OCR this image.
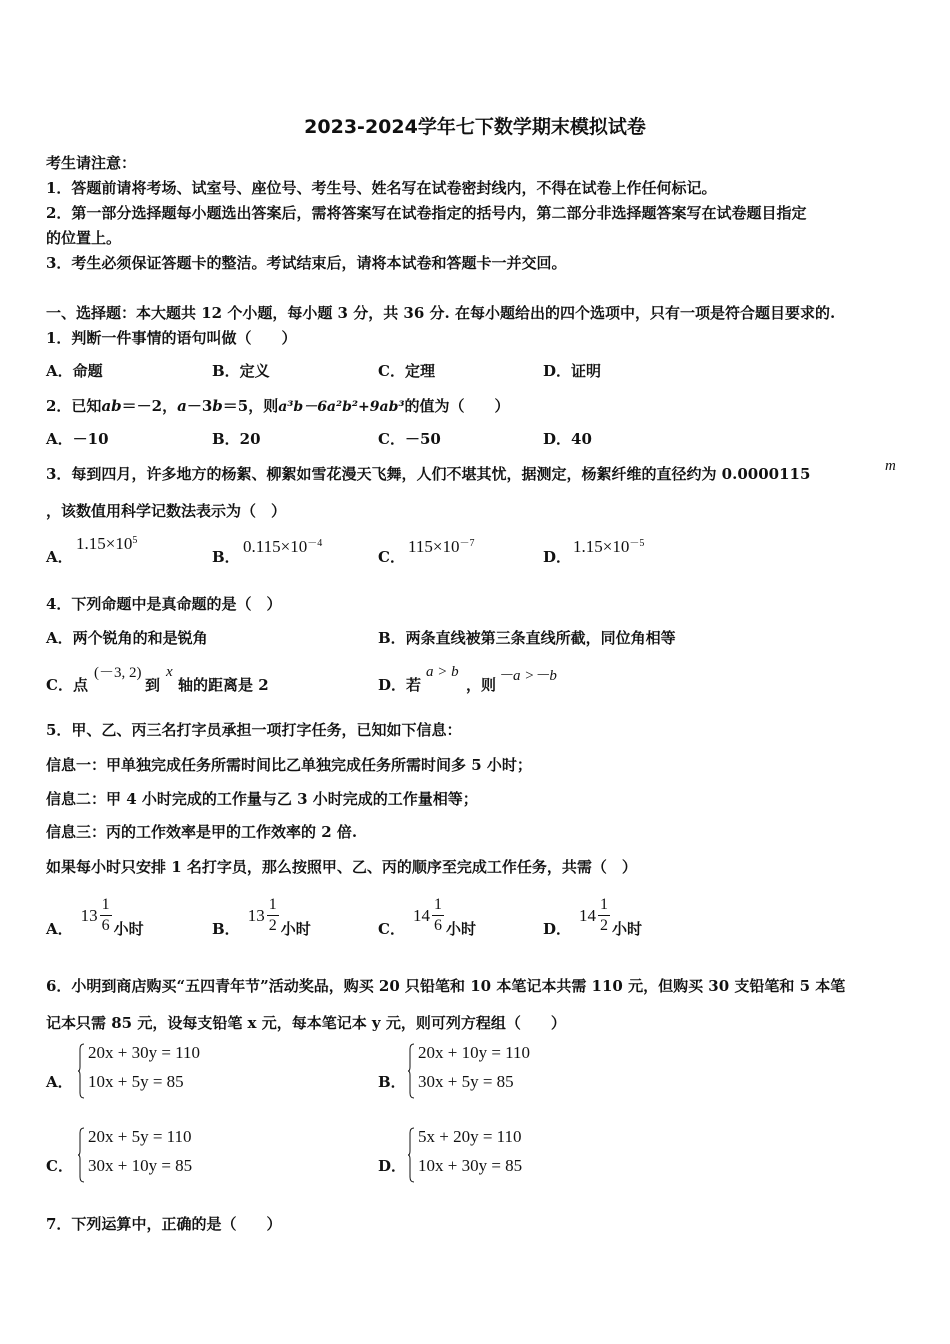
2023-2024学年七下数学期末模拟试卷
考生请注意：
1．答题前请将考场、试室号、座位号、考生号、姓名写在试卷密封线内，不得在试卷上作任何标记。
2．第一部分选择题每小题选出答案后，需将答案写在试卷指定的括号内，第二部分非选择题答案写在试卷题目指定
的位置上。
3．考生必须保证答题卡的整洁。考试结束后，请将本试卷和答题卡一并交回。
一、选择题：本大题共 12 个小题，每小题 3 分，共 36 分. 在每小题给出的四个选项中，只有一项是符合题目要求的.
1．判断一件事情的语句叫做（　　）
A．命题	B．定义	C．定理	D．证明
2．已知ab＝－2，a－3b＝5，则a³b－6a²b²+9ab³的值为（　　）
A．－10	B．20	C．－50	D．40
3．每到四月，许多地方的杨絮、柳絮如雪花漫天飞舞，人们不堪其忧，据测定，杨絮纤维的直径约为 0.0000115	m
，该数值用科学记数法表示为（　）
A．
$1.15\times 10^5$
B．
$0.115\times 10^{-4}$
C．
$115\times 10^{-7}$
D．
$1.15\times 10^{-5}$
4．下列命题中是真命题的是（　）
A．两个锐角的和是锐角	B．两条直线被第三条直线所截，同位角相等
C．点
(－3, 2)
到
x
轴的距离是 2	D．若
a > b
，则 －a >－b
5．甲、乙、丙三名打字员承担一项打字任务，已知如下信息：
信息一：甲单独完成任务所需时间比乙单独完成任务所需时间多 5 小时；
信息二：甲 4 小时完成的工作量与乙 3 小时完成的工作量相等；
信息三：丙的工作效率是甲的工作效率的 2 倍.
如果每小时只安排 1 名打字员，那么按照甲、乙、丙的顺序至完成工作任务，共需（　）
A．
$13 \frac{1}{6}$ 小时	B．
$13 \frac{1}{2}$ 小时	C．
$14 \frac{1}{6}$ 小时	D．
$14 \frac{1}{2}$ 小时
6．小明到商店购买“五四青年节”活动奖品，购买 20 只铅笔和 10 本笔记本共需 110 元，但购买 30 支铅笔和 5 本笔
记本只需 85 元，设每支铅笔 x 元，每本笔记本 y 元，则可列方程组（　　）
A．
20x + 30y = 110
10x + 5y = 85	B．
20x + 10y = 110
30x + 5y = 85
C．
20x + 5y = 110
30x + 10y = 85	D．
5x + 20y = 110
10x + 30y = 85
7．下列运算中，正确的是（　　）
